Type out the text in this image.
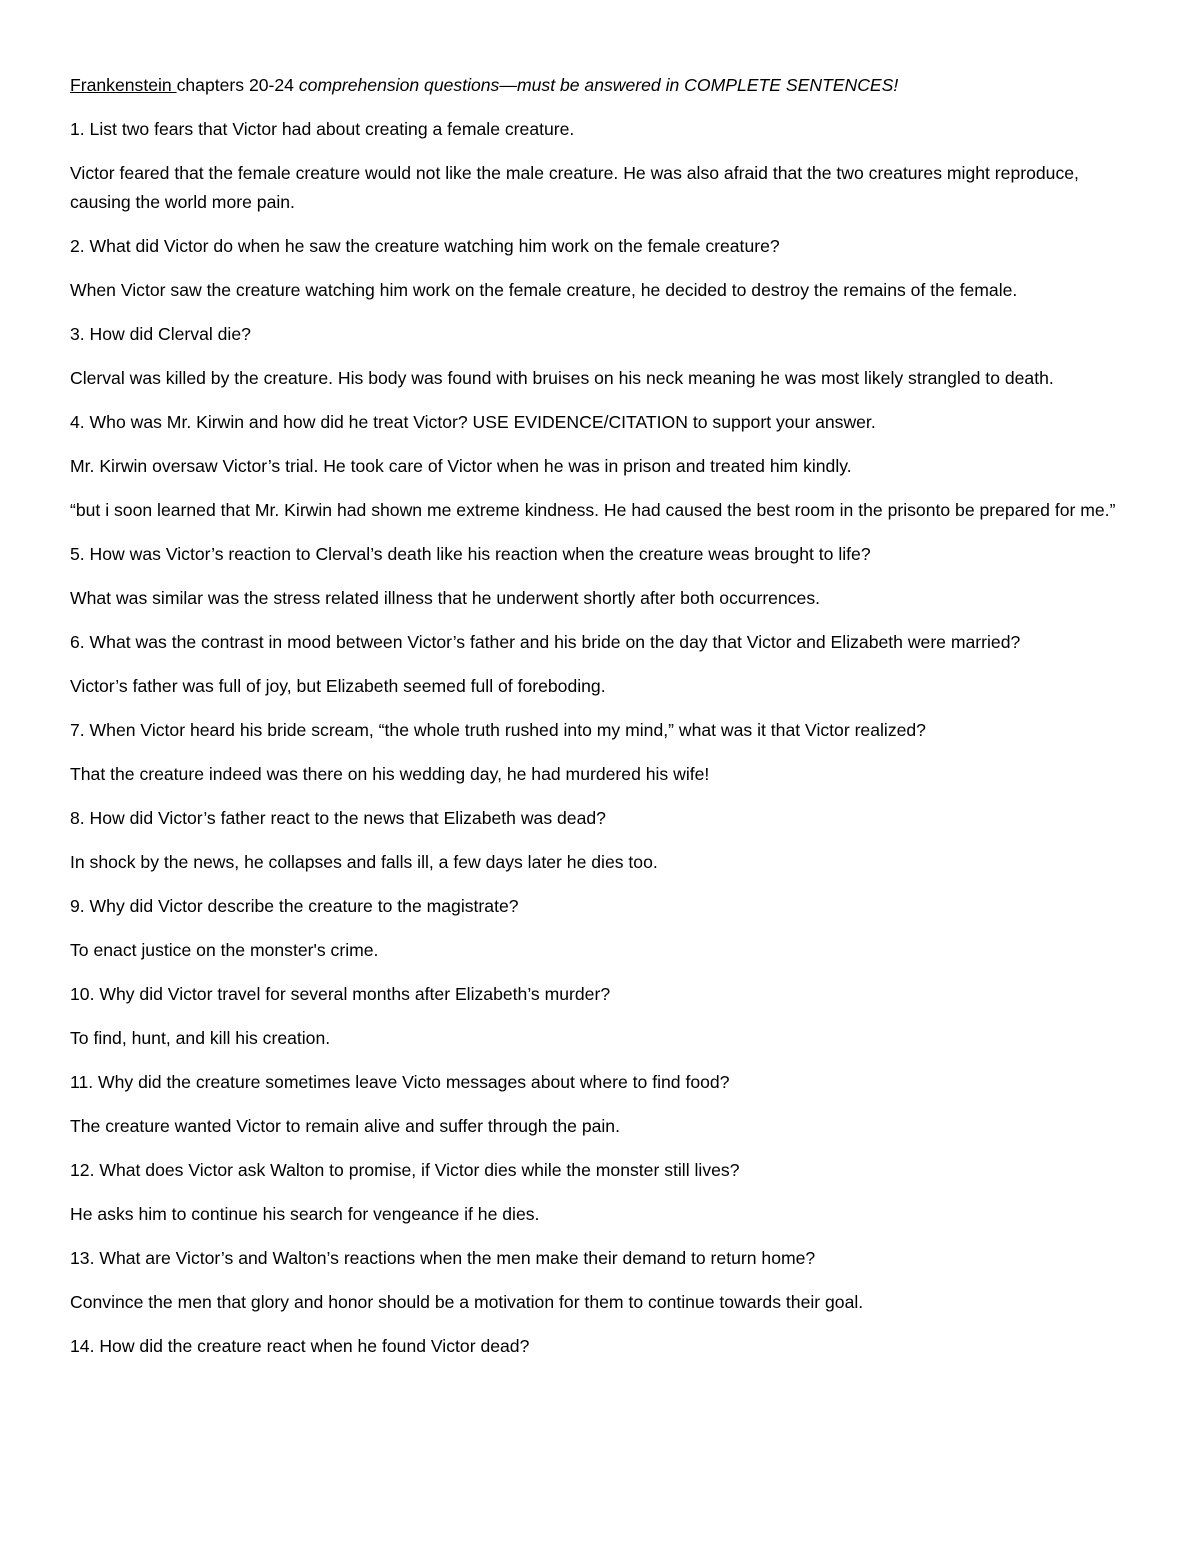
Frankenstein chapters 20-24 comprehension questions—must be answered in COMPLETE SENTENCES!

1. List two fears that Victor had about creating a female creature.

Victor feared that the female creature would not like the male creature. He was also afraid that the two creatures might reproduce, causing the world more pain.

2. What did Victor do when he saw the creature watching him work on the female creature?

When Victor saw the creature watching him work on the female creature, he decided to destroy the remains of the female.

3. How did Clerval die?

Clerval was killed by the creature. His body was found with bruises on his neck meaning he was most likely strangled to death.

4. Who was Mr. Kirwin and how did he treat Victor? USE EVIDENCE/CITATION to support your answer.

Mr. Kirwin oversaw Victor’s trial. He took care of Victor when he was in prison and treated him kindly.

“but i soon learned that Mr. Kirwin had shown me extreme kindness. He had caused the best room in the prisonto be prepared for me.”

5. How was Victor’s reaction to Clerval’s death like his reaction when the creature weas brought to life?

What was similar was the stress related illness that he underwent shortly after both occurrences.

6. What was the contrast in mood between Victor’s father and his bride on the day that Victor and Elizabeth were married?

Victor’s father was full of joy, but Elizabeth seemed full of foreboding.

7. When Victor heard his bride scream, “the whole truth rushed into my mind,” what was it that Victor realized?

That the creature indeed was there on his wedding day, he had murdered his wife!

8. How did Victor’s father react to the news that Elizabeth was dead?

In shock by the news, he collapses and falls ill, a few days later he dies too.

9. Why did Victor describe the creature to the magistrate?

To enact justice on the monster's crime.

10. Why did Victor travel for several months after Elizabeth’s murder?

To find, hunt, and kill his creation.

11. Why did the creature sometimes leave Victo messages about where to find food?

The creature wanted Victor to remain alive and suffer through the pain.

12. What does Victor ask Walton to promise, if Victor dies while the monster still lives?

He asks him to continue his search for vengeance if he dies.

13. What are Victor’s and Walton’s reactions when the men make their demand to return home?

Convince the men that glory and honor should be a motivation for them to continue towards their goal.

14. How did the creature react when he found Victor dead?
